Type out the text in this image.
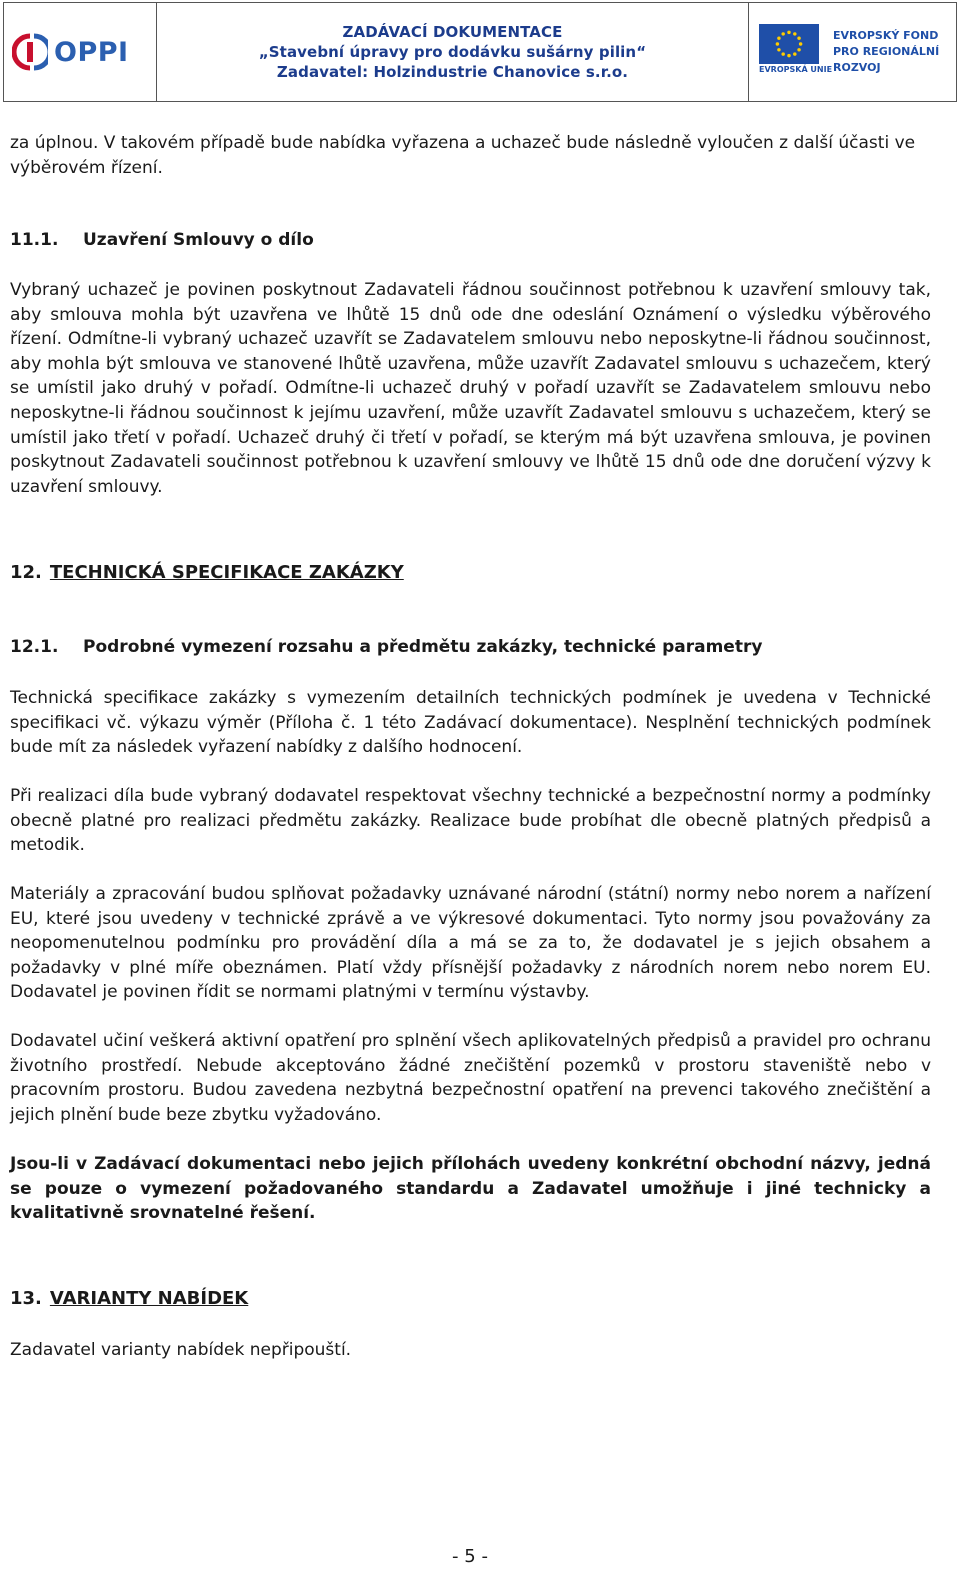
OPPI
ZADÁVACÍ DOKUMENTACE
„Stavební úpravy pro dodávku sušárny pilin“
Zadavatel: Holzindustrie Chanovice s.r.o.	EVROPSKÁ UNIE
EVROPSKÝ FOND
PRO REGIONÁLNÍ
ROZVOJ

za úplnou. V takovém případě bude nabídka vyřazena a uchazeč bude následně vyloučen z další účasti ve výběrovém řízení.

11.1.	Uzavření Smlouvy o dílo

Vybraný uchazeč je povinen poskytnout Zadavateli řádnou součinnost potřebnou k uzavření smlouvy tak, aby smlouva mohla být uzavřena ve lhůtě 15 dnů ode dne odeslání Oznámení o výsledku výběrového řízení. Odmítne-li vybraný uchazeč uzavřít se Zadavatelem smlouvu nebo neposkytne-li řádnou součinnost, aby mohla být smlouva ve stanovené lhůtě uzavřena, může uzavřít Zadavatel smlouvu s uchazečem, který se umístil jako druhý v pořadí. Odmítne-li uchazeč druhý v pořadí uzavřít se Zadavatelem smlouvu nebo neposkytne-li řádnou součinnost k jejímu uzavření, může uzavřít Zadavatel smlouvu s uchazečem, který se umístil jako třetí v pořadí. Uchazeč druhý či třetí v pořadí, se kterým má být uzavřena smlouva, je povinen poskytnout Zadavateli součinnost potřebnou k uzavření smlouvy ve lhůtě 15 dnů ode dne doručení výzvy k uzavření smlouvy.

12. TECHNICKÁ SPECIFIKACE ZAKÁZKY
12.1.	Podrobné vymezení rozsahu a předmětu zakázky, technické parametry

Technická specifikace zakázky s vymezením detailních technických podmínek je uvedena v Technické specifikaci vč. výkazu výměr (Příloha č. 1 této Zadávací dokumentace). Nesplnění technických podmínek bude mít za následek vyřazení nabídky z dalšího hodnocení.

Při realizaci díla bude vybraný dodavatel respektovat všechny technické a bezpečnostní normy a podmínky obecně platné pro realizaci předmětu zakázky. Realizace bude probíhat dle obecně platných předpisů a metodik.

Materiály a zpracování budou splňovat požadavky uznávané národní (státní) normy nebo norem a nařízení EU, které jsou uvedeny v technické zprávě a ve výkresové dokumentaci. Tyto normy jsou považovány za neopomenutelnou podmínku pro provádění díla a má se za to, že dodavatel je s jejich obsahem a požadavky v plné míře obeznámen. Platí vždy přísnější požadavky z národních norem nebo norem EU. Dodavatel je povinen řídit se normami platnými v termínu výstavby.

Dodavatel učiní veškerá aktivní opatření pro splnění všech aplikovatelných předpisů a pravidel pro ochranu životního prostředí. Nebude akceptováno žádné znečištění pozemků v prostoru staveniště nebo v pracovním prostoru. Budou zavedena nezbytná bezpečnostní opatření na prevenci takového znečištění a jejich plnění bude beze zbytku vyžadováno.

Jsou-li v Zadávací dokumentaci nebo jejich přílohách uvedeny konkrétní obchodní názvy, jedná se pouze o vymezení požadovaného standardu a Zadavatel umožňuje i jiné technicky a kvalitativně srovnatelné řešení.

13. VARIANTY NABÍDEK

Zadavatel varianty nabídek nepřipouští.

- 5 -
